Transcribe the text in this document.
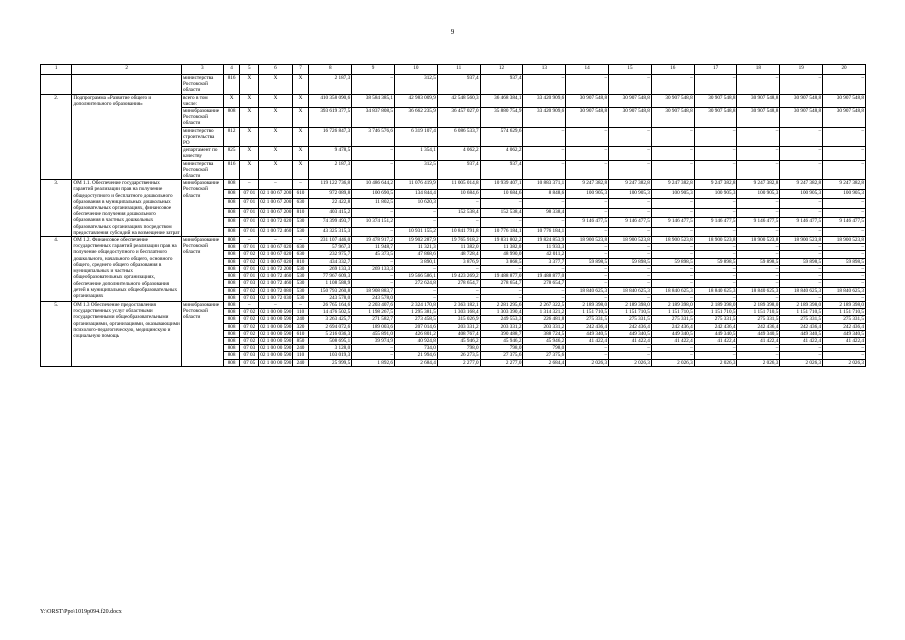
9
1	2	3	4	5	6	7	8	9	10	11	12	13	14	15	16	17	18	19	20
		министерства Ростовской области	816	X	X	X	2 187,3	–	312,5	937,4	937,4	–	–	–	–	–	–	–	–
2.	Подпрограмма «Развитие общего и дополнительного образования»	всего в том числе:	X	X	X	X	410 358 090,6	38 584 385,1	42 983 009,9	42 548 560,3	36 468 384,1	33 420 909,6	30 907 548,8	30 907 548,8	30 907 548,8	30 907 548,8	30 907 548,8	30 907 548,8	30 907 548,8
		минобразование Ростовской области	808	X	X	X	393 619 377,5	34 837 808,5	36 662 235,9	36 457 027,0	35 880 754,9	33 420 909,6	30 907 548,8	30 907 548,8	30 907 548,8	30 907 548,8	30 907 548,8	30 907 548,8	30 907 548,8
		министерство строительства РО	812	X	X	X	16 726 847,3	3 746 576,6	6 319 107,4	6 086 533,7	574 629,6	–	–	–	–	–	–	–	–
		департамент по качеству	825	X	X	X	9 478,5	–	1 354,1	4 062,2	4 062,2	–	–	–	–	–	–	–	–
		министерства Ростовской области	816	X	X	X	2 187,3	–	312,5	937,4	937,4	–	–	–	–	–	–	–	–
3.	ОМ 1.1. Обеспечение государственных гарантий реализации прав на получение общедоступного и бесплатного дошкольного образования в муниципальных дошкольных образовательных организациях, финансовое обеспечение получения дошкольного образования в частных дошкольных образовательных организациях посредством предоставления субсидий на возмещение затрат	минобразование Ростовской области	808	–	–	–	119 122 736,8	10 486 644,2	11 076 419,9	11 005 014,8	10 939 407,1	10 883 371,1	9 247 382,8	9 247 382,8	9 247 382,8	9 247 382,8	9 247 382,8	9 247 382,8	9 247 382,8
			808	07 01	02 1 00 67 200	610	972 089,8	100 690,5	134 844,4	10 684,6	10 684,6	8 848,6	100 905,3	100 905,3	100 905,3	100 905,3	100 905,3	100 905,3	100 905,3
			808	07 01	02 1 00 67 200	630	22 422,8	11 802,5	10 620,3	–	–	–	–	–	–	–	–	–	–
			808	07 01	02 1 00 67 200	810	403 415,2	–	–	152 538,4	152 538,4	98 338,4	–	–	–	–	–	–	–
			808	07 01	02 1 00 72 020	530	74 399 493,7	10 374 151,2	–	–	–	–	9 146 477,5	9 146 477,5	9 146 477,5	9 146 477,5	9 146 477,5	9 146 477,5	9 146 477,5
			808	07 01	02 1 00 72 460	530	43 325 315,3	–	10 931 155,2	10 841 791,8	10 776 184,1	10 776 184,1	–	–	–	–	–	–	–
4.	ОМ 1.2. Финансовое обеспечение государственных гарантий реализации прав на получение общедоступного и бесплатного дошкольного, начального общего, основного общего, среднего общего образования в муниципальных и частных общеобразовательных организациях, обеспечение дополнительного образования детей в муниципальных общеобразовательных организациях	минобразование Ростовской области	808	–	–	–	231 107 446,0	19 478 917,2	19 902 287,9	19 765 918,2	19 831 802,2	19 824 853,9	18 900 523,8	18 900 523,8	18 900 523,8	18 900 523,8	18 900 523,8	18 900 523,8	18 900 523,8
			808	07 01	02 1 00 67 020	630	57 967,3	11 948,7	11 321,3	11 382,0	11 382,0	11 933,3	–	–	–	–	–	–	–
			808	07 02	02 1 00 67 020	630	232 975,7	45 373,5	47 868,6	48 728,4	48 990,0	42 011,2	–	–	–	–	–	–	–
			808	07 02	02 1 00 67 020	810	434 332,7	–	3 890,1	3 876,9	3 868,5	3 377,7	59 898,5	59 898,5	59 898,5	59 898,5	59 898,5	59 898,5	59 898,5
			808	07 01	02 1 00 72 200	530	269 133,3	269 133,3	–	–	–	–	–	–	–	–	–	–	–
			808	07 01	02 1 00 72 460	530	77 967 609,3	–	19 566 586,1	19 423 269,2	19 488 877,0	19 488 877,0	–	–	–	–	–	–	–
			808	07 03	02 1 00 72 460	530	1 108 588,9	–	272 624,8	278 654,7	278 654,7	278 654,7	–	–	–	–	–	–	–
			808	07 02	02 1 00 72 080	530	150 793 260,8	18 908 883,7	–	–	–	–	18 840 625,3	18 840 625,3	18 840 625,3	18 840 625,3	18 840 625,3	18 840 625,3	18 840 625,3
			808	07 03	02 1 00 72 030	530	243 578,0	243 578,0	–	–	–	–	–	–	–	–	–	–	–
5.	ОМ 1.3 Обеспечение предоставления государственных услуг областными государственными общеобразовательными организациями, организациями, оказывающими психолого-педагогическую, медицинскую и социальную помощь	минобразование Ростовской области	808	–	–	–	26 765 164,6	2 203 407,6	2 324 170,8	2 363 182,1	2 281 295,6	2 267 322,5	2 189 398,0	2 189 398,0	2 189 398,0	2 189 398,0	2 189 398,0	2 189 398,0	2 189 398,0
			808	07 02	02 1 00 00 590	110	14 476 502,5	1 198 267,5	1 295 381,5	1 303 168,4	1 303 390,4	1 314 321,2	1 151 710,5	1 151 710,5	1 151 710,5	1 151 710,5	1 151 710,5	1 151 710,5	1 151 710,5
			808	07 02	02 1 00 00 590	240	3 263 425,7	271 582,7	273 458,5	315 026,9	249 553,3	226 481,8	275 331,5	275 331,5	275 331,5	275 331,5	275 331,5	275 331,5	275 331,5
			808	07 02	02 1 00 00 590	320	2 694 072,6	189 003,6	207 014,6	203 331,2	203 331,2	203 331,2	242 436,4	242 436,4	242 436,4	242 436,4	242 436,4	242 436,4	242 436,4
			808	07 02	02 1 00 00 590	610	5 216 036,3	455 891,0	426 801,2	408 767,4	390 488,7	388 724,5	449 340,5	449 340,5	449 340,5	449 340,5	449 340,5	449 340,5	449 340,5
			808	07 02	02 1 00 00 590	850	508 695,1	39 974,9	40 924,8	45 946,2	45 946,2	45 946,2	41 422,4	41 422,4	41 422,4	41 422,4	41 422,4	41 422,4	41 422,4
			808	07 03	02 1 00 00 590	240	3 128,0	–	734,0	798,0	798,0	798,0	–	–	–	–	–	–	–
			808	07 03	02 1 00 00 590	110	103 019,3	–	21 994,6	26 273,5	27 375,6	27 375,6	–	–	–	–	–	–	–
			808	07 05	02 1 00 00 590	240	25 999,5	1 892,6	2 684,4	2 277,0	2 277,0	2 684,4	2 026,3	2 026,3	2 026,3	2 026,3	2 026,3	2 026,3	2 026,3
Y:\ORST\Ppo\1019p094.f20.docx
